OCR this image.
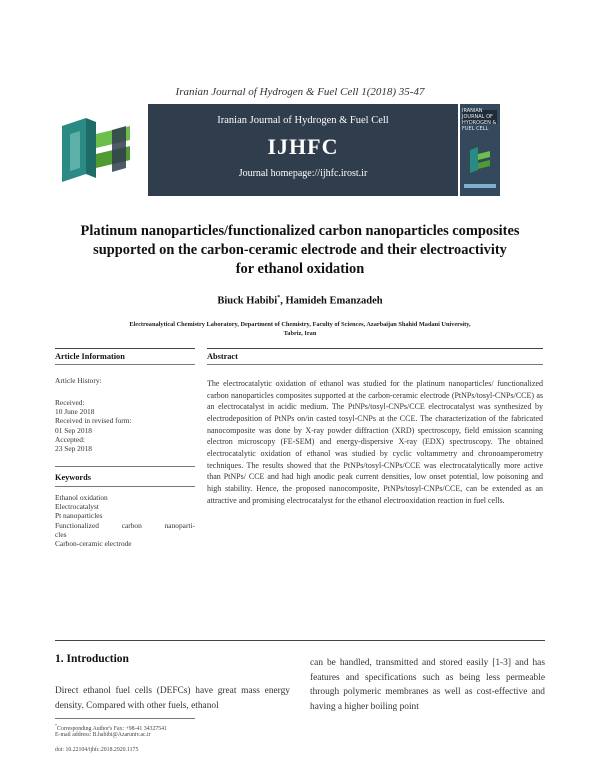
Iranian Journal of Hydrogen & Fuel Cell 1(2018) 35-47
Iranian Journal of Hydrogen & Fuel Cell
IJHFC
Journal homepage://ijhfc.irost.ir
IRANIAN JOURNAL OF HYDROGEN & FUEL CELL
Platinum nanoparticles/functionalized carbon nanoparticles composites
supported on the carbon-ceramic electrode and their electroactivity
for ethanol oxidation
Biuck Habibi*, Hamideh Emanzadeh
Electroanalytical Chemistry Laboratory, Department of Chemistry, Faculty of Sciences, Azarbaijan Shahid Madani University,
Tabriz, Iran
Article Information
Article History:
Received:
10 June 2018
Received in revised form:
01 Sep 2018
Accepted:
23 Sep 2018
Keywords
Ethanol oxidation
Electrocatalyst
Pt nanoparticles
Functionalized carbon nanoparti-
cles
Carbon-ceramic electrode
Abstract
The electrocatalytic oxidation of ethanol was studied for the platinum nanoparticles/ functionalized carbon nanoparticles composites supported at the carbon-ceramic electrode (PtNPs/tosyl-CNPs/CCE) as an electrocatalyst in acidic medium. The PtNPs/tosyl-CNPs/CCE electrocatalyst was synthesized by electrodeposition of PtNPs on/in casted tosyl-CNPs at the CCE. The characterization of the fabricated nanocomposite was done by X-ray powder diffraction (XRD) spectroscopy, field emission scanning electron microscopy (FE-SEM) and energy-dispersive X-ray (EDX) spectroscopy. The obtained electrocatalytic oxidation of ethanol was studied by cyclic voltammetry and chronoamperometry techniques. The results showed that the PtNPs/tosyl-CNPs/CCE was electrocatalytically more active than PtNPs/ CCE and had high anodic peak current densities, low onset potential, low poisoning and high stability. Hence, the proposed nanocomposite, PtNPs/tosyl-CNPs/CCE, can be extended as an attractive and promising electrocatalyst for the ethanol electrooxidation reaction in fuel cells.
1. Introduction
Direct ethanol fuel cells (DEFCs) have great mass energy density. Compared with other fuels, ethanol
can be handled, transmitted and stored easily [1-3] and has features and specifications such as being less permeable through polymeric membranes as well as cost-effective and having a higher boiling point
*Corresponding Author's Fax: +98-41 34327541
E-mail address: B.habibi@Azaruniv.ac.ir
doi: 10.22104/ijhfc.2018.2920.1175
